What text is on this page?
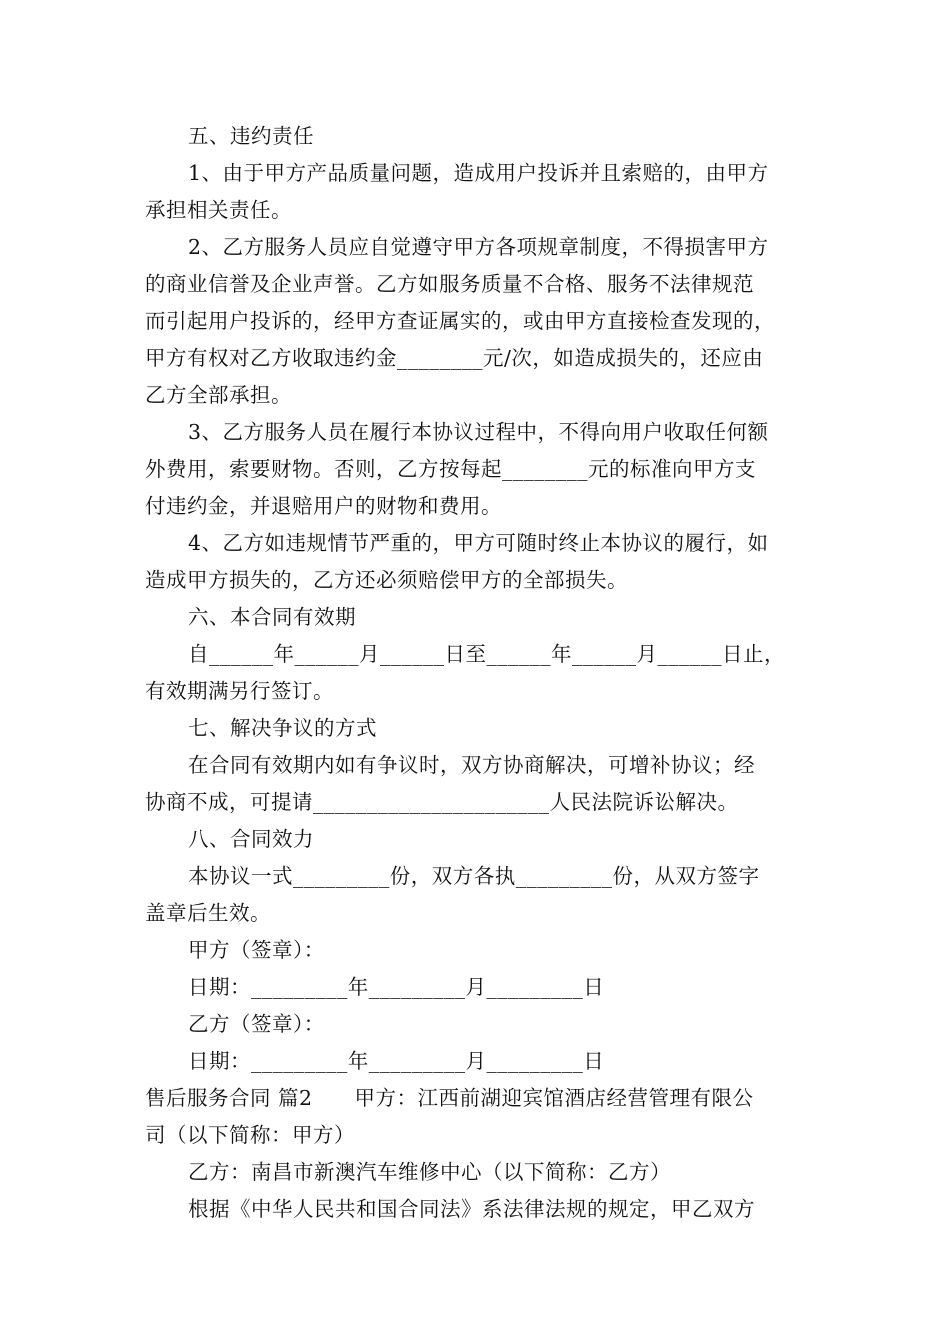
五、违约责任
1、由于甲方产品质量问题，造成用户投诉并且索赔的，由甲方
承担相关责任。
2、乙方服务人员应自觉遵守甲方各项规章制度，不得损害甲方
的商业信誉及企业声誉。乙方如服务质量不合格、服务不法律规范
而引起用户投诉的，经甲方查证属实的，或由甲方直接检查发现的，
甲方有权对乙方收取违约金________元/次，如造成损失的，还应由
乙方全部承担。
3、乙方服务人员在履行本协议过程中，不得向用户收取任何额
外费用，索要财物。否则，乙方按每起________元的标准向甲方支
付违约金，并退赔用户的财物和费用。
4、乙方如违规情节严重的，甲方可随时终止本协议的履行，如
造成甲方损失的，乙方还必须赔偿甲方的全部损失。
六、本合同有效期
自______年______月______日至______年______月______日止，
有效期满另行签订。
七、解决争议的方式
在合同有效期内如有争议时，双方协商解决，可增补协议；经
协商不成，可提请______________________人民法院诉讼解决。
八、合同效力
本协议一式_________份，双方各执_________份，从双方签字
盖章后生效。
甲方（签章）：
日期：_________年_________月_________日
乙方（签章）：
日期：_________年_________月_________日
售后服务合同 篇2　　甲方：江西前湖迎宾馆酒店经营管理有限公
司（以下简称：甲方）
乙方：南昌市新澳汽车维修中心（以下简称：乙方）
根据《中华人民共和国合同法》系法律法规的规定，甲乙双方
